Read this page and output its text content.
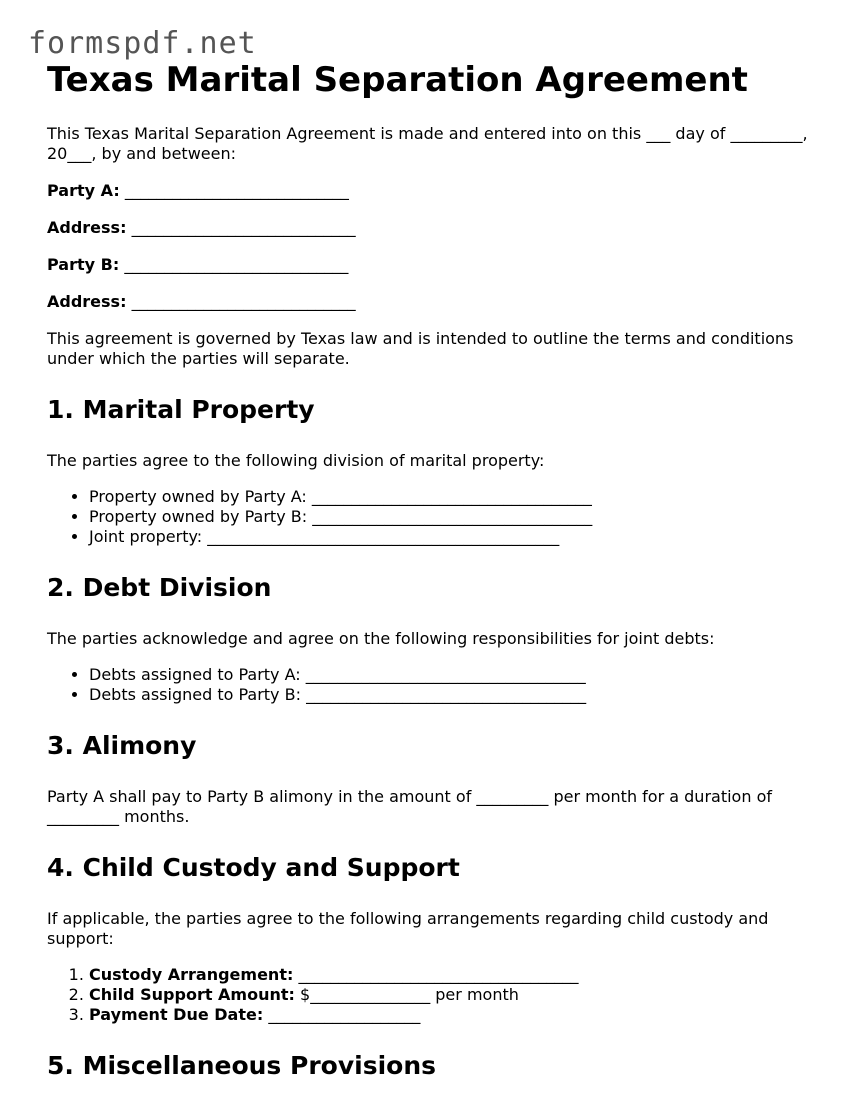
formspdf.net
Texas Marital Separation Agreement

This Texas Marital Separation Agreement is made and entered into on this ___ day of _________, 20___, by and between:

Party A: ____________________________
Address: ____________________________
Party B: ____________________________
Address: ____________________________

This agreement is governed by Texas law and is intended to outline the terms and conditions under which the parties will separate.

1. Marital Property

The parties agree to the following division of marital property:

• Property owned by Party A: ___________________________________
• Property owned by Party B: ___________________________________
• Joint property: ____________________________________________
2. Debt Division

The parties acknowledge and agree on the following responsibilities for joint debts:

• Debts assigned to Party A: ___________________________________
• Debts assigned to Party B: ___________________________________
3. Alimony

Party A shall pay to Party B alimony in the amount of _________ per month for a duration of _________ months.

4. Child Custody and Support

If applicable, the parties agree to the following arrangements regarding child custody and support:

1. Custody Arrangement: ___________________________________
2. Child Support Amount: $_______________ per month
3. Payment Due Date: ___________________
5. Miscellaneous Provisions
